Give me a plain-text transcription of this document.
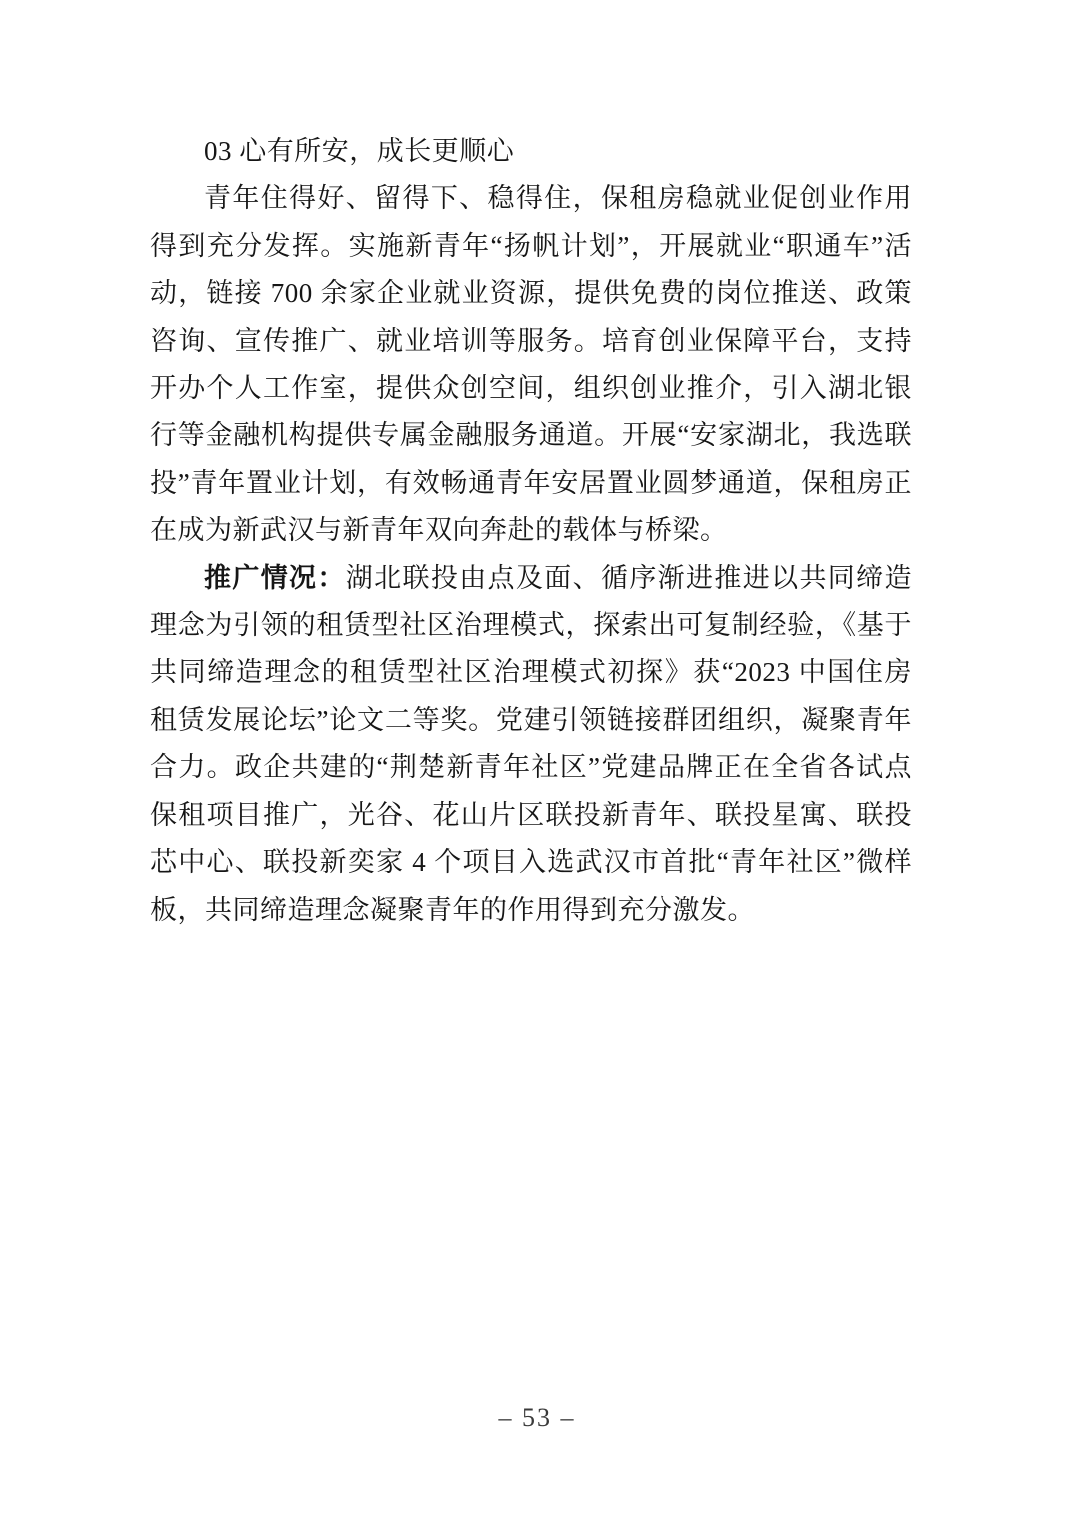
03 心有所安，成长更顺心

青年住得好、留得下、稳得住，保租房稳就业促创业作用得到充分发挥。实施新青年“扬帆计划”，开展就业“职通车”活动，链接 700 余家企业就业资源，提供免费的岗位推送、政策咨询、宣传推广、就业培训等服务。培育创业保障平台，支持开办个人工作室，提供众创空间，组织创业推介，引入湖北银行等金融机构提供专属金融服务通道。开展“安家湖北，我选联投”青年置业计划，有效畅通青年安居置业圆梦通道，保租房正在成为新武汉与新青年双向奔赴的载体与桥梁。

推广情况：湖北联投由点及面、循序渐进推进以共同缔造理念为引领的租赁型社区治理模式，探索出可复制经验，《基于共同缔造理念的租赁型社区治理模式初探》获“2023 中国住房租赁发展论坛”论文二等奖。党建引领链接群团组织，凝聚青年合力。政企共建的“荆楚新青年社区”党建品牌正在全省各试点保租项目推广，光谷、花山片区联投新青年、联投星寓、联投芯中心、联投新奕家 4 个项目入选武汉市首批“青年社区”微样板，共同缔造理念凝聚青年的作用得到充分激发。

– 53 –
